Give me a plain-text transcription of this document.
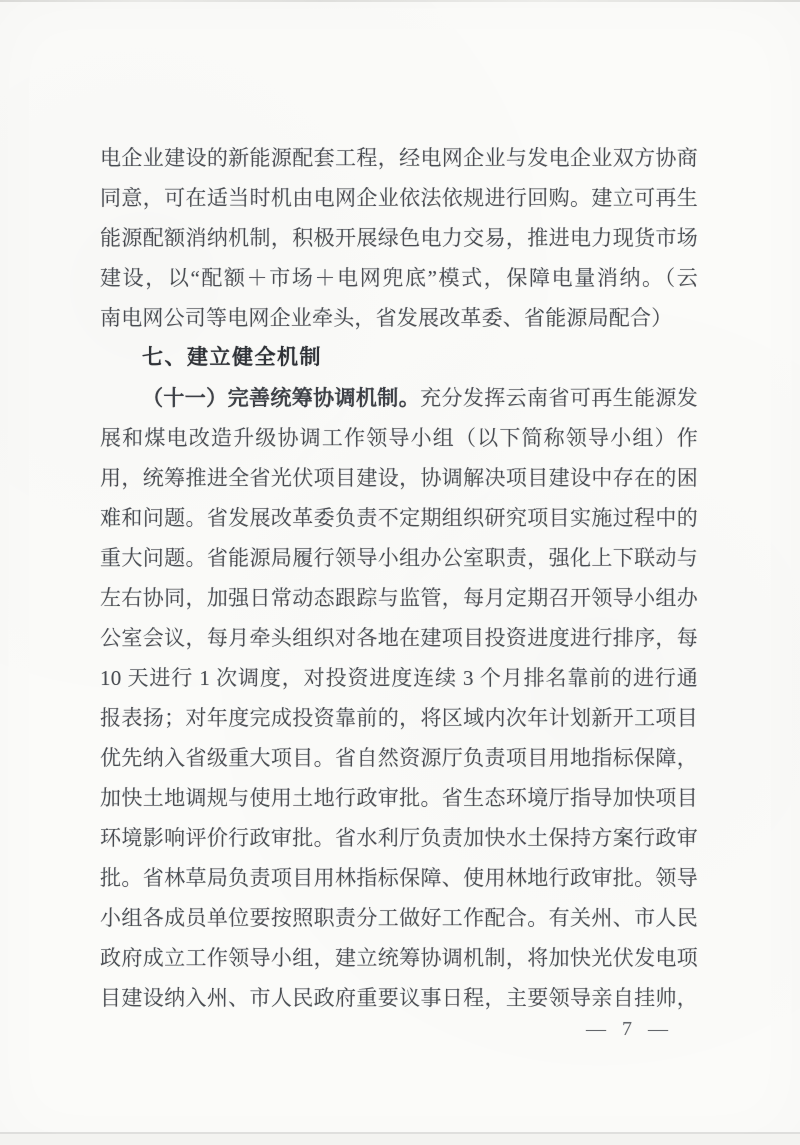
电企业建设的新能源配套工程，经电网企业与发电企业双方协商
同意，可在适当时机由电网企业依法依规进行回购。建立可再生
能源配额消纳机制，积极开展绿色电力交易，推进电力现货市场
建设，以“配额＋市场＋电网兜底”模式，保障电量消纳。（云
南电网公司等电网企业牵头，省发展改革委、省能源局配合）
七、建立健全机制
（十一）完善统筹协调机制。充分发挥云南省可再生能源发
展和煤电改造升级协调工作领导小组（以下简称领导小组）作
用，统筹推进全省光伏项目建设，协调解决项目建设中存在的困
难和问题。省发展改革委负责不定期组织研究项目实施过程中的
重大问题。省能源局履行领导小组办公室职责，强化上下联动与
左右协同，加强日常动态跟踪与监管，每月定期召开领导小组办
公室会议，每月牵头组织对各地在建项目投资进度进行排序，每
10 天进行 1 次调度，对投资进度连续 3 个月排名靠前的进行通
报表扬；对年度完成投资靠前的，将区域内次年计划新开工项目
优先纳入省级重大项目。省自然资源厅负责项目用地指标保障，
加快土地调规与使用土地行政审批。省生态环境厅指导加快项目
环境影响评价行政审批。省水利厅负责加快水土保持方案行政审
批。省林草局负责项目用林指标保障、使用林地行政审批。领导
小组各成员单位要按照职责分工做好工作配合。有关州、市人民
政府成立工作领导小组，建立统筹协调机制，将加快光伏发电项
目建设纳入州、市人民政府重要议事日程，主要领导亲自挂帅，
— 7 —
